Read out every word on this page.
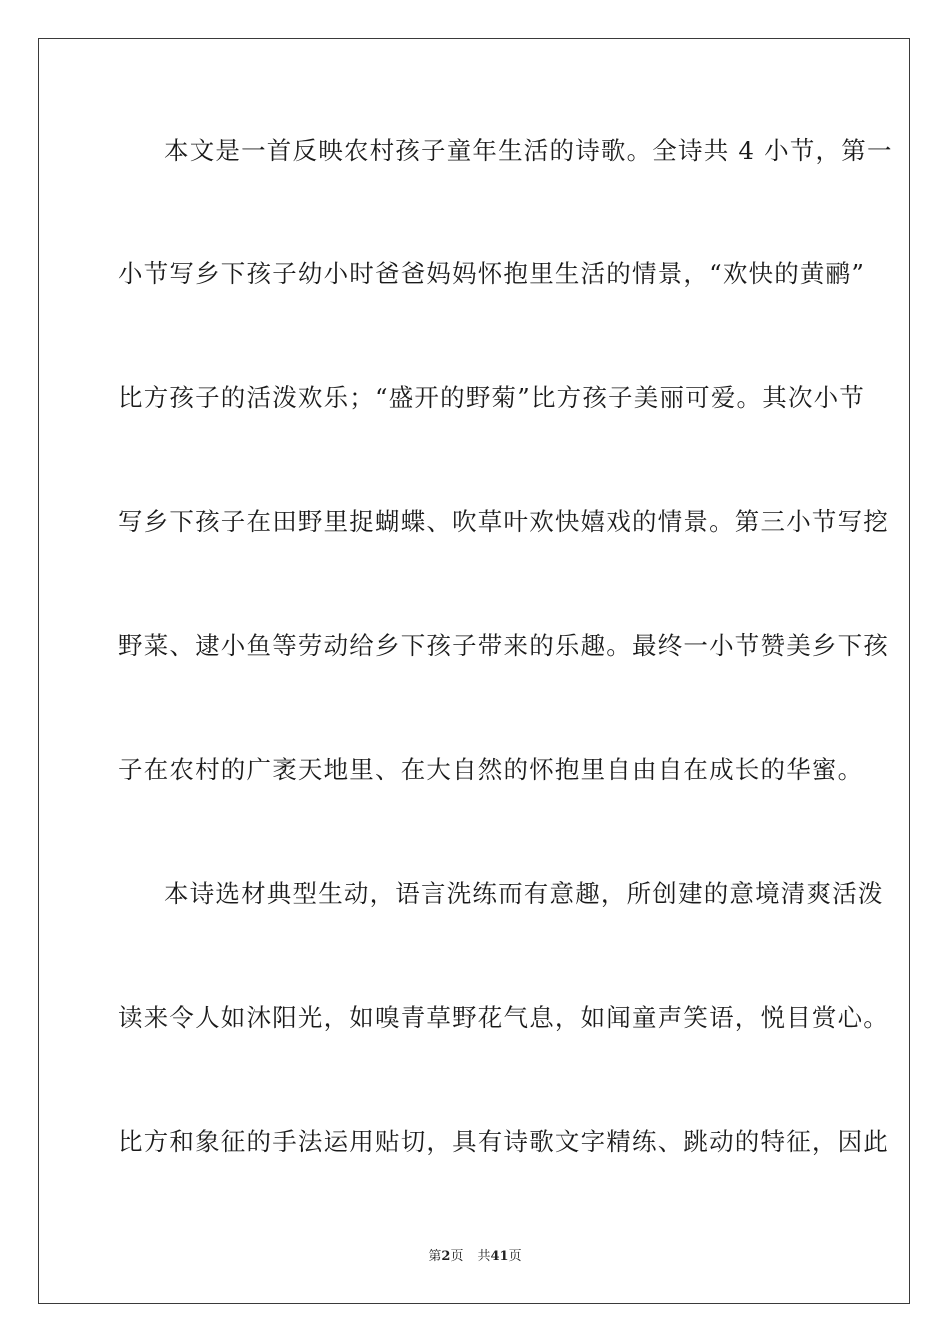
本文是一首反映农村孩子童年生活的诗歌。全诗共 4 小节，第一
小节写乡下孩子幼小时爸爸妈妈怀抱里生活的情景，“欢快的黄鹂”
比方孩子的活泼欢乐；“盛开的野菊”比方孩子美丽可爱。其次小节
写乡下孩子在田野里捉蝴蝶、吹草叶欢快嬉戏的情景。第三小节写挖
野菜、逮小鱼等劳动给乡下孩子带来的乐趣。最终一小节赞美乡下孩
子在农村的广袤天地里、在大自然的怀抱里自由自在成长的华蜜。
本诗选材典型生动，语言洗练而有意趣，所创建的意境清爽活泼
读来令人如沐阳光，如嗅青草野花气息，如闻童声笑语，悦目赏心。
比方和象征的手法运用贴切，具有诗歌文字精练、跳动的特征，因此
第2页 共41页
